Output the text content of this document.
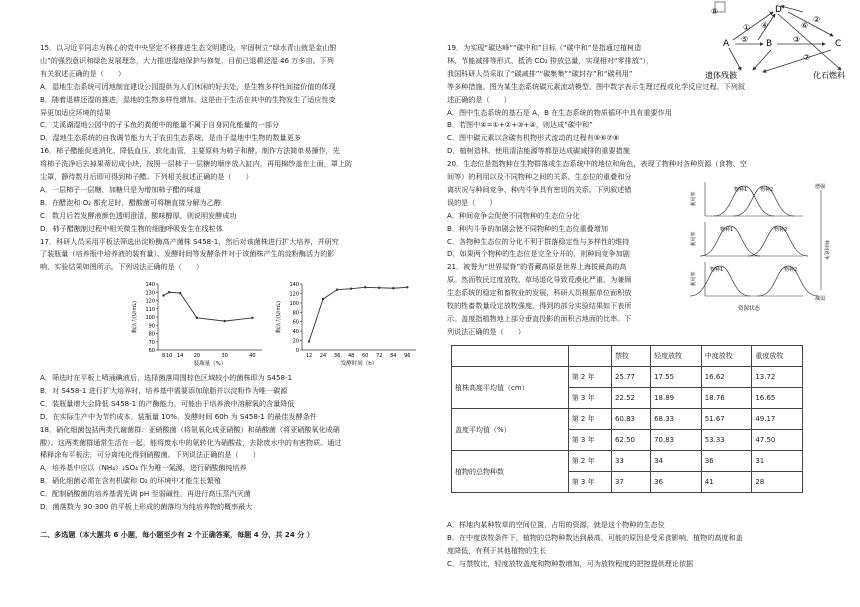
15．以习近平同志为核心的党中央坚定不移推进生态文明建设，牢固树立“绿水青山就是金山银

山”的强烈意识和绿色发展理念，大力推进湿地保护与修复，目前已退耕还湿 46 万多亩。下列

有关叙述正确的是（　　）

A．湿地生态系统可因地制宜建设公园提供为人们休闲的好去处，是生物多样性间接价值的体现

B．随着退耕还湿的推进，湿地的生物多样性增加，这是由于生活在其中的生物发生了适应性变

异更加适应环境的结果

C．艾溪湖湿地公园中的孑孓鱼的粪便中的能量不属于自身同化能量的一部分

D．湿地生态系统的自我调节能力大于农田生态系统，是由于湿地中生物的数量更多

16．柿子醋能促进消化、降低血压、软化血管，主要原料为柿子和酵。制作方法简单易操作，先

将柿子洗净后去掉果蒂切成小块，按照一层柿子一层糖的顺序放入缸内，再用棉纱盖在上面，罩上防

尘罩，静待数月后即可得到柿子醋。下列相关叙述正确的是（　　）

A．一层柿子一层糖，加糖只是为增加柿子醋的味道

B．在醋泡和 O₂ 都充足时，醋酸菌可将糖直接分解为乙醇

C．数月后若发酵液颜色透明澄清，酸味醇厚，则说明发酵成功

D．柿子醋酿制过程中相关微生物的细胞呼吸发生在线粒体

17．科研人员采用平板法筛选出淀粉酶高产菌株 S458-1，然后对该菌株进行扩大培养，并研究

了装瓶量（培养瓶中培养液的装有量）、发酵时间等发酵条件对于该菌株产生的淀粉酶活力的影

响，实验结果如图所示。下列说法正确的是（　　）

60
70
80
90
100
110
120
130
140
8 10 14 20	30	40
酶活力(U/mL)
装瓶量（%）
0
20
40
60
80
100
120
140
12 24 36 48 60 72 84 96
酶活力(U/mL)
发酵时间（h）

A．筛选时在平板上喷涌碘液后，选择菌落周围棕色区域较小的菌株即为 S458-1

B．对 S458-1 进行扩大培养时，培养基中需要添加琼脂并以淀粉作为唯一碳源

C．装瓶量增大会降低 S458-1 的产酶能力，可能由于培养液中溶解氧的含量降低

D．在实际生产中为节约成本，装瓶量 10%，发酵时间 60h 为 S458-1 的最佳发酵条件

18．硝化细菌包括两类代谢菌群：亚硝酸菌（将氨氧化成亚硝酸）和硝酸菌（将亚硝酸氧化成硝

酸）。这两类菌群通常生活在一起，能将废水中的氨转化为硝酸盐，去除废水中的有害物质。通过

稀释涂布平板法，可分离纯化得到硝酸菌。下列说法正确的是（　　）

A．培养基中应以（NH₄）₂SO₄ 作为唯一氮源，进行硝酸菌纯培养

B．硝化细菌必需在含有机碳和 O₂ 的环境中才能生长繁殖

C．配制硝酸菌的培养基需先调 pH 至弱碱性，再进行高压蒸汽灭菌

D．菌落数为 30-300 的平板上形成的菌落均为纯培养物的概率最大

二、多选题（本大题共 6 小题，每小题至少有 2 个正确答案，每题 4 分，共 24 分 ）

19．为实现“碳达峰”“碳中和”目标（“碳中和”是指通过植树造

林、节能减排等形式，抵消 CO₂ 排放总量，实现相对“零排放”），

我国科研人员采取了“碳减排”“碳集集”“碳封存”和“碳利用”

等多种措施。图为某生态系统碳元素流动模型，图中数字表示生理过程或化学反应过程。下列叙

述正确的是（　　）

A．图中生态系统的基石是 A，B 在生态系统的物质循环中具有重要作用

B．若图中④=①+②+③+④，则达成“碳中和”

C．图中碳元素以含碳有机物形式流动的过程有⑤⑥⑦⑧

D．植树造林、使用清洁能源等都是达成碳减排的重要措施

20．生态位是指物种在生物群落或生态系统中的地位和角色，表现了物种对各种资源（食物、空

间等）的利用以及不同物种之间的关系。生态位的重叠和分

离状况与种间竞争、种内斗争具有密切的关系。下列叙述错

误的是（　　）

A．种间竞争会促使不同物种的生态位分化

B．种内斗争的加剧会使不同物种的生态位重叠增加

C．各物种生态位的分化不利于群落稳定性与多样性的维持

D．如果两个物种的生态位是完全分开的，则种间竞争加剧

21．被誉为“世界屋脊”的青藏高原是世界上海拔最高的高

原。然而牧民过度放牧、草场退化导致荒漠化严重。为兼顾

生态系统的稳定和畜牧业的发展，科研人员根据单位面积放

牧的牲畜数量设定放牧强度，得到的部分实验结果如下表所

示。盖度指植物地上部分垂直投影的面积占地面的比率。下

列说法正确的是（　　）

D
A	B	C
⑧
① ④
⑤	③
⑥
②
⑦
遗体残骸	化石燃料
物种1	物种2
利用率
物种1	物种2
利用率
物种1	物种2
利用率
增强
种间竞争
减弱
资源状态

A．样地内某种牧草的空间位置，占用的资源，就是这个物种的生态位

B．在中度放牧条件下，植物的总物种数达到最高，可能的原因是受采食影响，植物的高度和盖

度降低，有利于其他植物的生长

C．与禁牧比，轻度放牧盖度和物种数增加，可为放牧程度的把控提供理论依据

		禁牧	轻度放牧	中度放牧	重度放牧
植株高度平均值（cm）	第 2 年	25.77	17.55	16.62	13.72
	第 3 年	22.52	18.89	18.76	16.65
盖度平均值（%）	第 2 年	60.83	68.33	51.67	49.17
	第 3 年	62.50	70.83	53.33	47.50
植物的总物种数	第 2 年	33	34	36	31
	第 3 年	37	36	41	28
